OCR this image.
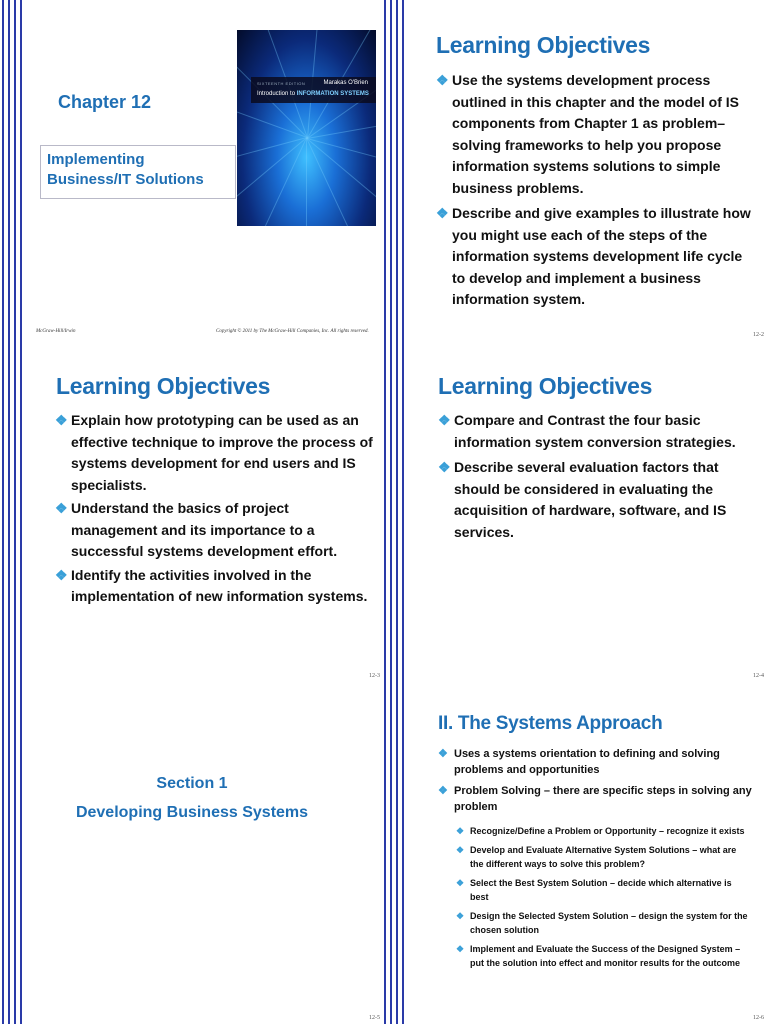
Chapter 12
Implementing
Business/IT Solutions
SIXTEENTH EDITION	Marakas O'Brien
Introduction to INFORMATION SYSTEMS
McGraw-Hill/Irwin	Copyright © 2011 by The McGraw-Hill Companies, Inc. All rights reserved.
Learning Objectives
❖ Use the systems development process outlined in this chapter and the model of IS components from Chapter 1 as problem–solving frameworks to help you propose information systems solutions to simple business problems.
❖ Describe and give examples to illustrate how you might use each of the steps of the information systems development life cycle to develop and implement a business information system.
12-2
Learning Objectives
❖ Explain how prototyping can be used as an effective technique to improve the process of systems development for end users and IS specialists.
❖ Understand the basics of project management and its importance to a successful systems development effort.
❖ Identify the activities involved in the implementation of new information systems.
12-3
Learning Objectives
❖ Compare and Contrast the four basic information system conversion strategies.
❖ Describe several evaluation factors that should be considered in evaluating the acquisition of hardware, software, and IS services.
12-4
Section 1
Developing Business Systems
12-5
II. The Systems Approach
❖ Uses a systems orientation to defining and solving problems and opportunities
❖ Problem Solving – there are specific steps in solving any problem
❖ Recognize/Define a Problem or Opportunity – recognize it exists
❖ Develop and Evaluate Alternative System Solutions – what are the different ways to solve this problem?
❖ Select the Best System Solution – decide which alternative is best
❖ Design the Selected System Solution – design the system for the chosen solution
❖ Implement and Evaluate the Success of the Designed System – put the solution into effect and monitor results for the outcome
12-6
